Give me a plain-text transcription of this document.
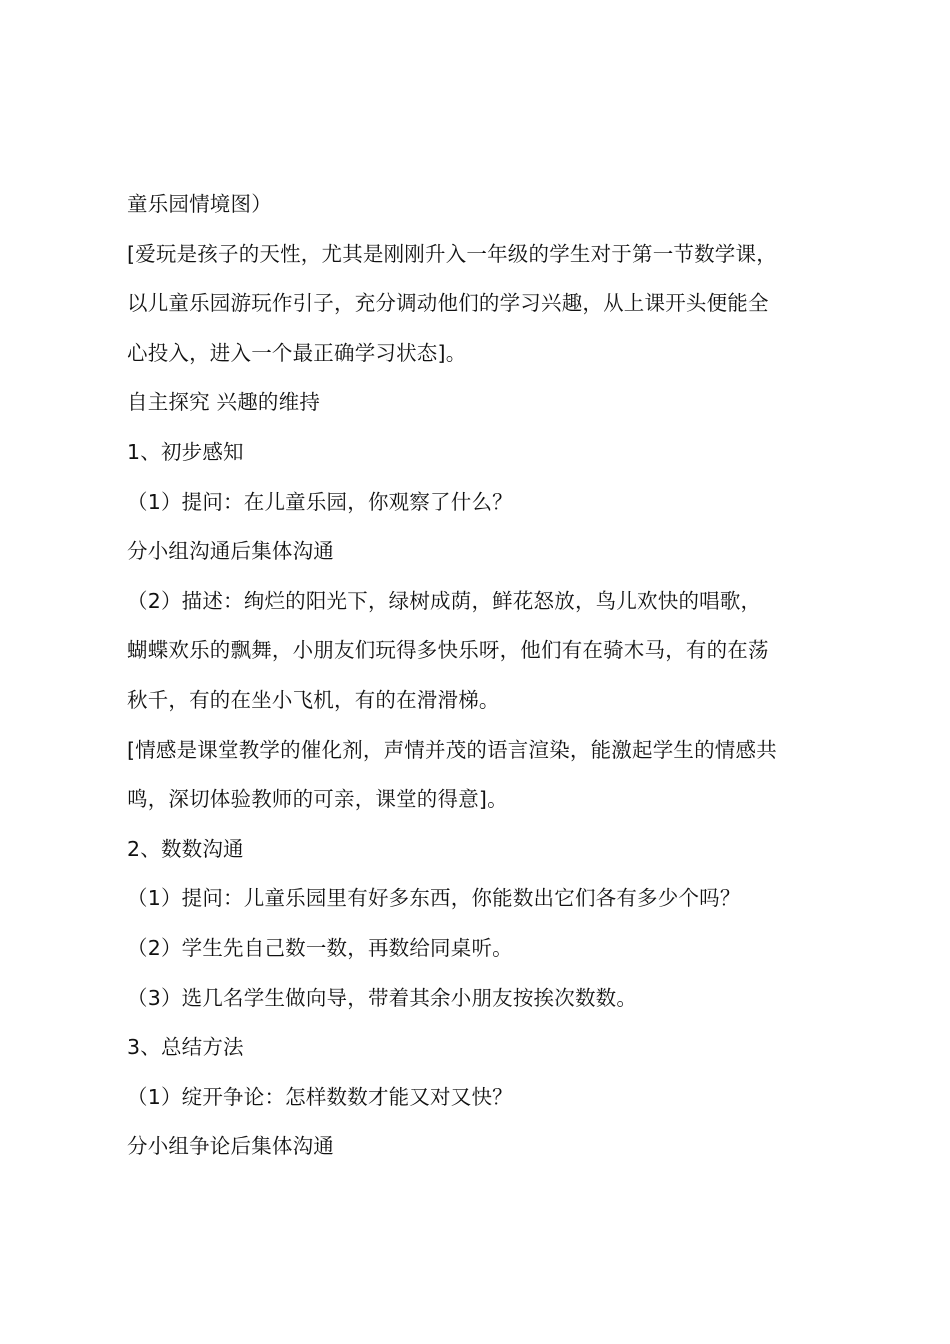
童乐园情境图）
[爱玩是孩子的天性，尤其是刚刚升入一年级的学生对于第一节数学课，
以儿童乐园游玩作引子，充分调动他们的学习兴趣，从上课开头便能全
心投入，进入一个最正确学习状态]。
自主探究 兴趣的维持
1、初步感知
（1）提问：在儿童乐园，你观察了什么？
分小组沟通后集体沟通
（2）描述：绚烂的阳光下，绿树成荫，鲜花怒放，鸟儿欢快的唱歌，
蝴蝶欢乐的飘舞，小朋友们玩得多快乐呀，他们有在骑木马，有的在荡
秋千，有的在坐小飞机，有的在滑滑梯。
[情感是课堂教学的催化剂，声情并茂的语言渲染，能激起学生的情感共
鸣，深切体验教师的可亲，课堂的得意]。
2、数数沟通
（1）提问：儿童乐园里有好多东西，你能数出它们各有多少个吗？
（2）学生先自己数一数，再数给同桌听。
（3）选几名学生做向导，带着其余小朋友按挨次数数。
3、总结方法
（1）绽开争论：怎样数数才能又对又快？
分小组争论后集体沟通
